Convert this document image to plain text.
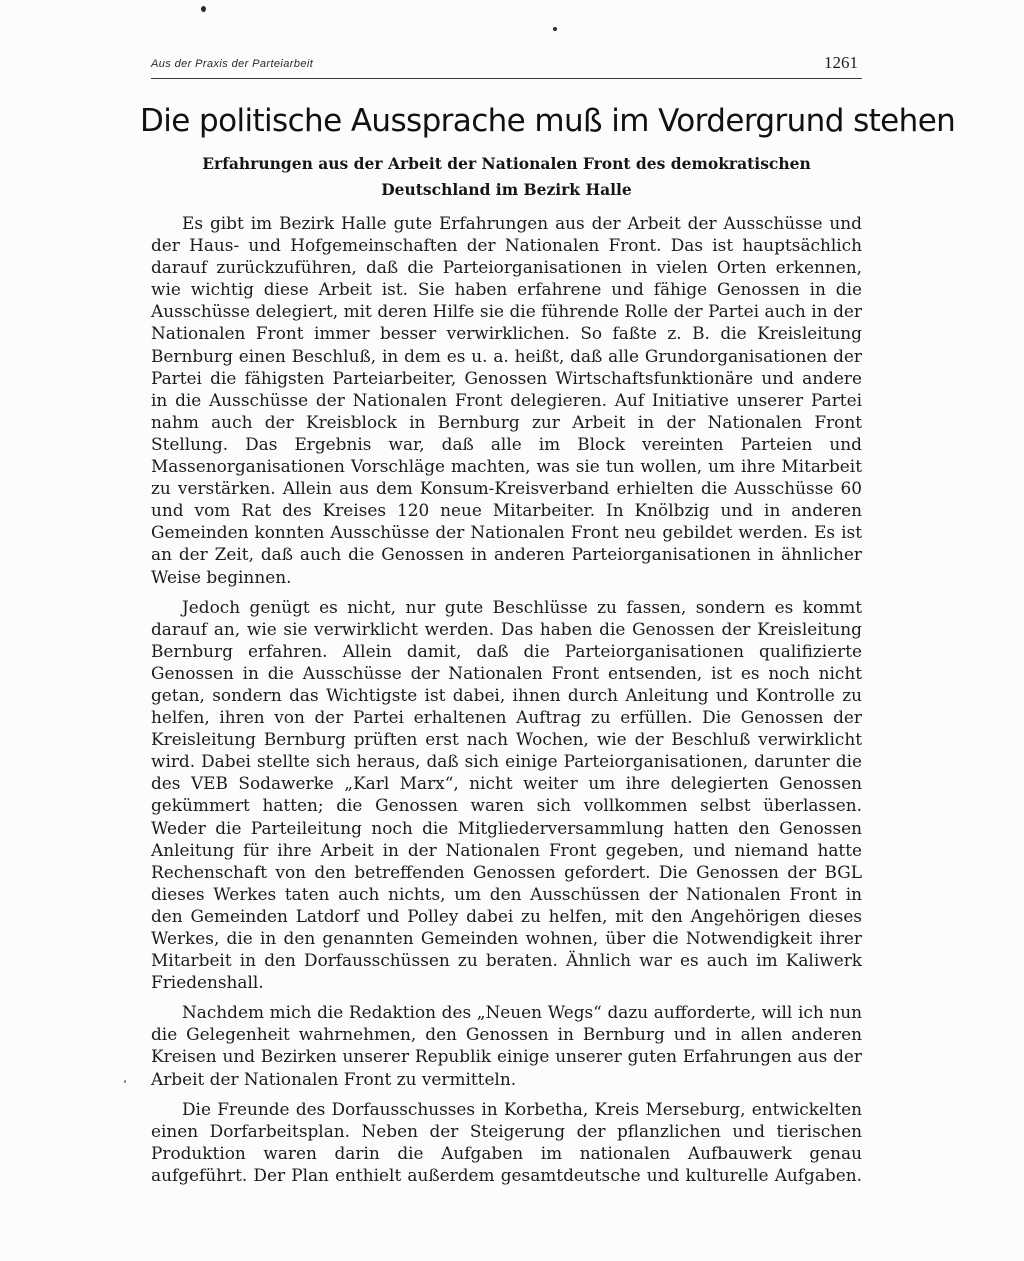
Aus der Praxis der Parteiarbeit	1261
Die politische Aussprache muß im Vordergrund stehen
Erfahrungen aus der Arbeit der Nationalen Front des demokratischen Deutschland im Bezirk Halle

Es gibt im Bezirk Halle gute Erfahrungen aus der Arbeit der Ausschüsse und der Haus- und Hofgemeinschaften der Nationalen Front. Das ist hauptsächlich darauf zurückzuführen, daß die Parteiorganisationen in vielen Orten erkennen, wie wichtig diese Arbeit ist. Sie haben erfahrene und fähige Genossen in die Ausschüsse delegiert, mit deren Hilfe sie die führende Rolle der Partei auch in der Nationalen Front immer besser verwirklichen. So faßte z. B. die Kreisleitung Bernburg einen Beschluß, in dem es u. a. heißt, daß alle Grundorganisationen der Partei die fähigsten Parteiarbeiter, Genossen Wirtschaftsfunktionäre und andere in die Ausschüsse der Nationalen Front delegieren. Auf Initiative unserer Partei nahm auch der Kreisblock in Bernburg zur Arbeit in der Nationalen Front Stellung. Das Ergebnis war, daß alle im Block vereinten Parteien und Massenorganisationen Vorschläge machten, was sie tun wollen, um ihre Mitarbeit zu verstärken. Allein aus dem Konsum-Kreisverband erhielten die Ausschüsse 60 und vom Rat des Kreises 120 neue Mitarbeiter. In Knölbzig und in anderen Gemeinden konnten Ausschüsse der Nationalen Front neu gebildet werden. Es ist an der Zeit, daß auch die Genossen in anderen Parteiorganisationen in ähnlicher Weise beginnen.

Jedoch genügt es nicht, nur gute Beschlüsse zu fassen, sondern es kommt darauf an, wie sie verwirklicht werden. Das haben die Genossen der Kreisleitung Bernburg erfahren. Allein damit, daß die Parteiorganisationen qualifizierte Genossen in die Ausschüsse der Nationalen Front entsenden, ist es noch nicht getan, sondern das Wichtigste ist dabei, ihnen durch Anleitung und Kontrolle zu helfen, ihren von der Partei erhaltenen Auftrag zu erfüllen. Die Genossen der Kreisleitung Bernburg prüften erst nach Wochen, wie der Beschluß verwirklicht wird. Dabei stellte sich heraus, daß sich einige Parteiorganisationen, darunter die des VEB Sodawerke „Karl Marx“, nicht weiter um ihre delegierten Genossen gekümmert hatten; die Genossen waren sich vollkommen selbst überlassen. Weder die Parteileitung noch die Mitgliederversammlung hatten den Genossen Anleitung für ihre Arbeit in der Nationalen Front gegeben, und niemand hatte Rechenschaft von den betreffenden Genossen gefordert. Die Genossen der BGL dieses Werkes taten auch nichts, um den Ausschüssen der Nationalen Front in den Gemeinden Latdorf und Polley dabei zu helfen, mit den Angehörigen dieses Werkes, die in den genannten Gemeinden wohnen, über die Notwendigkeit ihrer Mitarbeit in den Dorfausschüssen zu beraten. Ähnlich war es auch im Kaliwerk Friedenshall.

Nachdem mich die Redaktion des „Neuen Wegs“ dazu aufforderte, will ich nun die Gelegenheit wahrnehmen, den Genossen in Bernburg und in allen anderen Kreisen und Bezirken unserer Republik einige unserer guten Erfahrungen aus der Arbeit der Nationalen Front zu vermitteln.

Die Freunde des Dorfausschusses in Korbetha, Kreis Merseburg, entwickelten einen Dorfarbeitsplan. Neben der Steigerung der pflanzlichen und tierischen Produktion waren darin die Aufgaben im nationalen Aufbauwerk genau aufgeführt. Der Plan enthielt außerdem gesamtdeutsche und kulturelle Aufgaben.
